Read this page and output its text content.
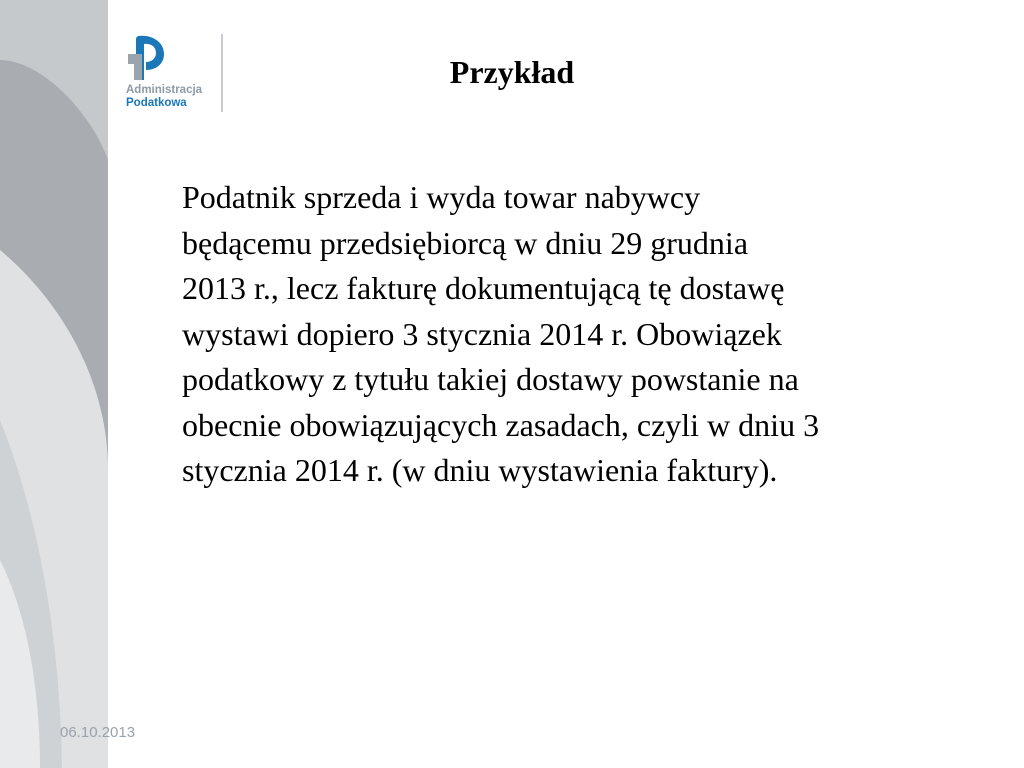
Administracja
Podatkowa
Przykład
Podatnik sprzeda i wyda towar nabywcy
będącemu przedsiębiorcą w dniu 29 grudnia
2013 r., lecz fakturę dokumentującą tę dostawę
wystawi dopiero 3 stycznia 2014 r. Obowiązek
podatkowy z tytułu takiej dostawy powstanie na
obecnie obowiązujących zasadach, czyli w dniu 3
stycznia 2014 r. (w dniu wystawienia faktury).
06.10.2013
